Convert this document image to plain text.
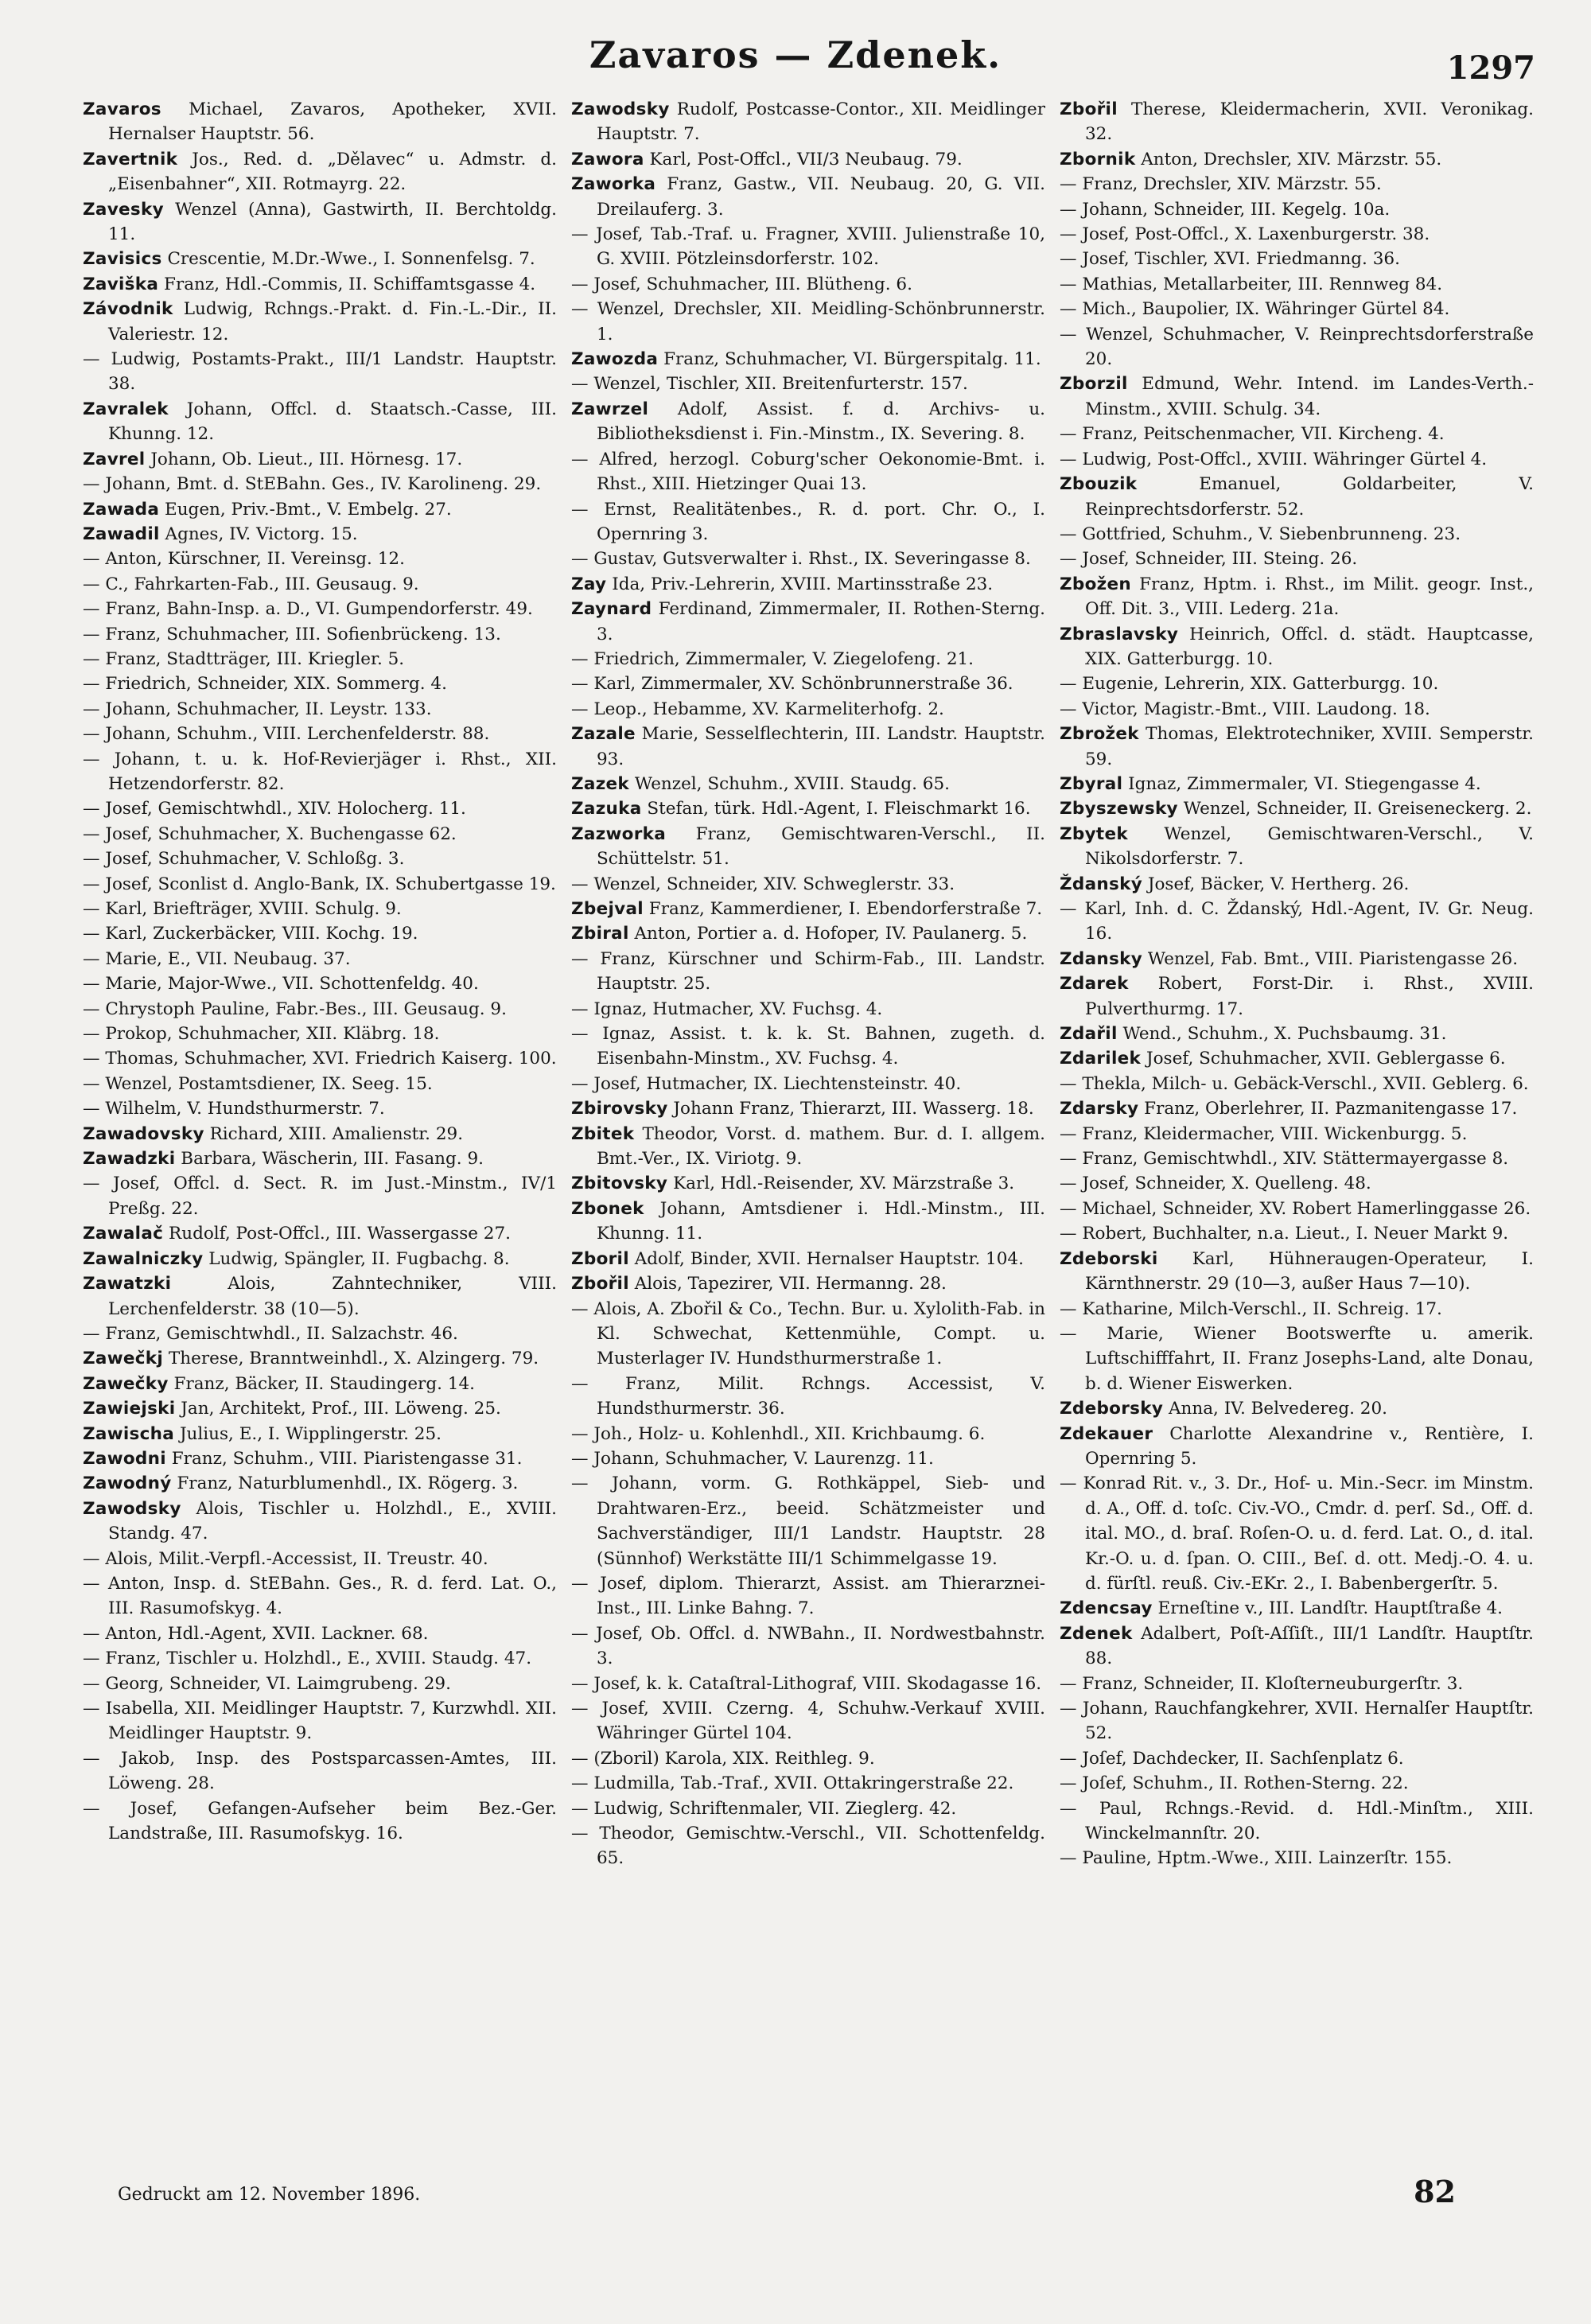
Zavaros — Zdenek.	1297
Zavaros Michael, Zavaros, Apotheker, XVII. Hernalser Hauptstr. 56.
Zavertnik Jos., Red. d. „Dělavec“ u. Admstr. d. „Eisenbahner“, XII. Rotmayrg. 22.
Zavesky Wenzel (Anna), Gastwirth, II. Berchtoldg. 11.
Zavisics Crescentie, M.Dr.-Wwe., I. Sonnenfelsg. 7.
Zaviška Franz, Hdl.-Commis, II. Schiffamtsgasse 4.
Závodnik Ludwig, Rchngs.-Prakt. d. Fin.-L.-Dir., II. Valeriestr. 12.
— Ludwig, Postamts-Prakt., III/1 Landstr. Hauptstr. 38.
Zavralek Johann, Offcl. d. Staatsch.-Casse, III. Khunng. 12.
Zavrel Johann, Ob. Lieut., III. Hörnesg. 17.
— Johann, Bmt. d. StEBahn. Ges., IV. Karolineng. 29.
Zawada Eugen, Priv.-Bmt., V. Embelg. 27.
Zawadil Agnes, IV. Victorg. 15.
— Anton, Kürschner, II. Vereinsg. 12.
— C., Fahrkarten-Fab., III. Geusaug. 9.
— Franz, Bahn-Insp. a. D., VI. Gumpendorferstr. 49.
— Franz, Schuhmacher, III. Sofienbrückeng. 13.
— Franz, Stadtträger, III. Kriegler. 5.
— Friedrich, Schneider, XIX. Sommerg. 4.
— Johann, Schuhmacher, II. Leystr. 133.
— Johann, Schuhm., VIII. Lerchenfelderstr. 88.
— Johann, t. u. k. Hof-Revierjäger i. Rhst., XII. Hetzendorferstr. 82.
— Josef, Gemischtwhdl., XIV. Holocherg. 11.
— Josef, Schuhmacher, X. Buchengasse 62.
— Josef, Schuhmacher, V. Schloßg. 3.
— Josef, Sconlist d. Anglo-Bank, IX. Schubertgasse 19.
— Karl, Briefträger, XVIII. Schulg. 9.
— Karl, Zuckerbäcker, VIII. Kochg. 19.
— Marie, E., VII. Neubaug. 37.
— Marie, Major-Wwe., VII. Schottenfeldg. 40.
— Chrystoph Pauline, Fabr.-Bes., III. Geusaug. 9.
— Prokop, Schuhmacher, XII. Kläbrg. 18.
— Thomas, Schuhmacher, XVI. Friedrich Kaiserg. 100.
— Wenzel, Postamtsdiener, IX. Seeg. 15.
— Wilhelm, V. Hundsthurmerstr. 7.
Zawadovsky Richard, XIII. Amalienstr. 29.
Zawadzki Barbara, Wäscherin, III. Fasang. 9.
— Josef, Offcl. d. Sect. R. im Just.-Minstm., IV/1 Preßg. 22.
Zawalač Rudolf, Post-Offcl., III. Wassergasse 27.
Zawalniczky Ludwig, Spängler, II. Fugbachg. 8.
Zawatzki	Alois, Zahntechniker, VIII. Lerchenfelderstr. 38 (10—5).
— Franz, Gemischtwhdl., II. Salzachstr. 46.
Zawečkj Therese, Branntweinhdl., X. Alzingerg. 79.
Zawečky Franz, Bäcker, II. Staudingerg. 14.
Zawiejski Jan, Architekt, Prof., III. Löweng. 25.
Zawischa Julius, E., I. Wipplingerstr. 25.
Zawodni Franz, Schuhm., VIII. Piaristengasse 31.
Zawodný Franz, Naturblumenhdl., IX. Rögerg. 3.
Zawodsky Alois, Tischler u. Holzhdl., E., XVIII. Standg. 47.
— Alois, Milit.-Verpfl.-Accessist, II. Treustr. 40.
— Anton, Insp. d. StEBahn. Ges., R. d. ferd. Lat. O., III. Rasumofskyg. 4.
— Anton, Hdl.-Agent, XVII. Lackner. 68.
— Franz, Tischler u. Holzhdl., E., XVIII. Staudg. 47.
— Georg, Schneider, VI. Laimgrubeng. 29.
— Isabella, XII. Meidlinger Hauptstr. 7, Kurzwhdl. XII. Meidlinger Hauptstr. 9.
— Jakob, Insp. des Postsparcassen-Amtes, III. Löweng. 28.
— Josef, Gefangen-Aufseher beim Bez.-Ger. Landstraße, III. Rasumofskyg. 16.
Zawodsky Rudolf, Postcasse-Contor., XII. Meidlinger Hauptstr. 7.
Zawora Karl, Post-Offcl., VII/3 Neubaug. 79.
Zaworka Franz, Gastw., VII. Neubaug. 20, G. VII. Dreilauferg. 3.
— Josef, Tab.-Traf. u. Fragner, XVIII. Julienstraße 10, G. XVIII. Pötzleinsdorferstr. 102.
— Josef, Schuhmacher, III. Blütheng. 6.
— Wenzel, Drechsler, XII. Meidling-Schönbrunnerstr. 1.
Zawozda Franz, Schuhmacher, VI. Bürgerspitalg. 11.
— Wenzel, Tischler, XII. Breitenfurterstr. 157.
Zawrzel Adolf, Assist. f. d. Archivs- u. Bibliotheksdienst i. Fin.-Minstm., IX. Severing. 8.
— Alfred, herzogl. Coburg'scher Oekonomie-Bmt. i. Rhst., XIII. Hietzinger Quai 13.
— Ernst, Realitätenbes., R. d. port. Chr. O., I. Opernring 3.
— Gustav, Gutsverwalter i. Rhst., IX. Severingasse 8.
Zay Ida, Priv.-Lehrerin, XVIII. Martinsstraße 23.
Zaynard Ferdinand, Zimmermaler, II. Rothen-Sterng. 3.
— Friedrich, Zimmermaler, V. Ziegelofeng. 21.
— Karl, Zimmermaler, XV. Schönbrunnerstraße 36.
— Leop., Hebamme, XV. Karmeliterhofg. 2.
Zazale Marie, Sesselflechterin, III. Landstr. Hauptstr. 93.
Zazek Wenzel, Schuhm., XVIII. Staudg. 65.
Zazuka Stefan, türk. Hdl.-Agent, I. Fleischmarkt 16.
Zazworka Franz, Gemischtwaren-Verschl., II. Schüttelstr. 51.
— Wenzel, Schneider, XIV. Schweglerstr. 33.
Zbejval Franz, Kammerdiener, I. Ebendorferstraße 7.
Zbiral Anton, Portier a. d. Hofoper, IV. Paulanerg. 5.
— Franz, Kürschner und Schirm-Fab., III. Landstr. Hauptstr. 25.
— Ignaz, Hutmacher, XV. Fuchsg. 4.
— Ignaz, Assist. t. k. k. St. Bahnen, zugeth. d. Eisenbahn-Minstm., XV. Fuchsg. 4.
— Josef, Hutmacher, IX. Liechtensteinstr. 40.
Zbirovsky Johann Franz, Thierarzt, III. Wasserg. 18.
Zbitek Theodor, Vorst. d. mathem. Bur. d. I. allgem. Bmt.-Ver., IX. Viriotg. 9.
Zbitovsky Karl, Hdl.-Reisender, XV. Märzstraße 3.
Zbonek Johann, Amtsdiener i. Hdl.-Minstm., III. Khunng. 11.
Zboril Adolf, Binder, XVII. Hernalser Hauptstr. 104.
Zbořil Alois, Tapezirer, VII. Hermanng. 28.
— Alois, A. Zbořil & Co., Techn. Bur. u. Xylolith-Fab. in Kl. Schwechat, Kettenmühle, Compt. u. Musterlager IV. Hundsthurmerstraße 1.
— Franz, Milit. Rchngs. Accessist, V. Hundsthurmerstr. 36.
— Joh., Holz- u. Kohlenhdl., XII. Krichbaumg. 6.
— Johann, Schuhmacher, V. Laurenzg. 11.
— Johann, vorm. G. Rothkäppel, Sieb- und Drahtwaren-Erz., beeid. Schätzmeister und Sachverständiger, III/1 Landstr. Hauptstr. 28 (Sünnhof) Werkstätte III/1 Schimmelgasse 19.
— Josef, diplom. Thierarzt, Assist. am Thierarznei-Inst., III. Linke Bahng. 7.
— Josef, Ob. Offcl. d. NWBahn., II. Nordwestbahnstr. 3.
— Josef, k. k. Cataſtral-Lithograf, VIII. Skodagasse 16.
— Josef, XVIII. Czerng. 4, Schuhw.-Verkauf XVIII. Währinger Gürtel 104.
— (Zboril) Karola, XIX. Reithleg. 9.
— Ludmilla, Tab.-Traf., XVII. Ottakringerstraße 22.
— Ludwig, Schriftenmaler, VII. Zieglerg. 42.
— Theodor, Gemischtw.-Verschl., VII. Schottenfeldg. 65.
Zbořil Therese, Kleidermacherin, XVII. Veronikag. 32.
Zbornik Anton, Drechsler, XIV. Märzstr. 55.
— Franz, Drechsler, XIV. Märzstr. 55.
— Johann, Schneider, III. Kegelg. 10a.
— Josef, Post-Offcl., X. Laxenburgerstr. 38.
— Josef, Tischler, XVI. Friedmanng. 36.
— Mathias, Metallarbeiter, III. Rennweg 84.
— Mich., Baupolier, IX. Währinger Gürtel 84.
— Wenzel, Schuhmacher, V. Reinprechtsdorferstraße 20.
Zborzil Edmund, Wehr. Intend. im Landes-Verth.-Minstm., XVIII. Schulg. 34.
— Franz, Peitschenmacher, VII. Kircheng. 4.
— Ludwig, Post-Offcl., XVIII. Währinger Gürtel 4.
Zbouzik	Emanuel, Goldarbeiter, V. Reinprechtsdorferstr. 52.
— Gottfried, Schuhm., V. Siebenbrunneng. 23.
— Josef, Schneider, III. Steing. 26.
Zbožen Franz, Hptm. i. Rhst., im Milit. geogr. Inst., Off. Dit. 3., VIII. Lederg. 21a.
Zbraslavsky Heinrich, Offcl. d. städt. Hauptcasse, XIX. Gatterburgg. 10.
— Eugenie, Lehrerin, XIX. Gatterburgg. 10.
— Victor, Magistr.-Bmt., VIII. Laudong. 18.
Zbrožek Thomas, Elektrotechniker, XVIII. Semperstr. 59.
Zbyral Ignaz, Zimmermaler, VI. Stiegengasse 4.
Zbyszewsky Wenzel, Schneider, II. Greiseneckerg. 2.
Zbytek Wenzel, Gemischtwaren-Verschl., V. Nikolsdorferstr. 7.
Ždanský Josef, Bäcker, V. Hertherg. 26.
— Karl, Inh. d. C. Ždanský, Hdl.-Agent, IV. Gr. Neug. 16.
Zdansky Wenzel, Fab. Bmt., VIII. Piaristengasse 26.
Zdarek Robert, Forst-Dir. i. Rhst., XVIII. Pulverthurmg. 17.
Zdařil Wend., Schuhm., X. Puchsbaumg. 31.
Zdarilek Josef, Schuhmacher, XVII. Geblergasse 6.
— Thekla, Milch- u. Gebäck-Verschl., XVII. Geblerg. 6.
Zdarsky Franz, Oberlehrer, II. Pazmanitengasse 17.
— Franz, Kleidermacher, VIII. Wickenburgg. 5.
— Franz, Gemischtwhdl., XIV. Stättermayergasse 8.
— Josef, Schneider, X. Quelleng. 48.
— Michael, Schneider, XV. Robert Hamerlinggasse 26.
— Robert, Buchhalter, n.a. Lieut., I. Neuer Markt 9.
Zdeborski Karl, Hühneraugen-Operateur, I. Kärnthnerstr. 29 (10—3, außer Haus 7—10).
— Katharine, Milch-Verschl., II. Schreig. 17.
— Marie, Wiener Bootswerfte u. amerik. Luftschifffahrt, II. Franz Josephs-Land, alte Donau, b. d. Wiener Eiswerken.
Zdeborsky Anna, IV. Belvedereg. 20.
Zdekauer Charlotte Alexandrine v., Rentière, I. Opernring 5.
— Konrad Rit. v., 3. Dr., Hof- u. Min.-Secr. im Minstm. d. A., Off. d. toſc. Civ.-VO., Cmdr. d. perſ. Sd., Off. d. ital. MO., d. braſ. Roſen-O. u. d. ferd. Lat. O., d. ital. Kr.-O. u. d. ſpan. O. CIII., Beſ. d. ott. Medj.-O. 4. u. d. fürſtl. reuß. Civ.-EKr. 2., I. Babenbergerſtr. 5.
Zdencsay Erneſtine v., III. Landſtr. Hauptſtraße 4.
Zdenek Adalbert, Poſt-Aſſiſt., III/1 Landſtr. Hauptſtr. 88.
— Franz, Schneider, II. Kloſterneuburgerſtr. 3.
— Johann, Rauchfangkehrer, XVII. Hernalſer Hauptſtr. 52.
— Joſef, Dachdecker, II. Sachſenplatz 6.
— Joſef, Schuhm., II. Rothen-Sterng. 22.
— Paul, Rchngs.-Revid. d. Hdl.-Minſtm., XIII. Winckelmannſtr. 20.
— Pauline, Hptm.-Wwe., XIII. Lainzerſtr. 155.
Gedruckt am 12. November 1896.	82
